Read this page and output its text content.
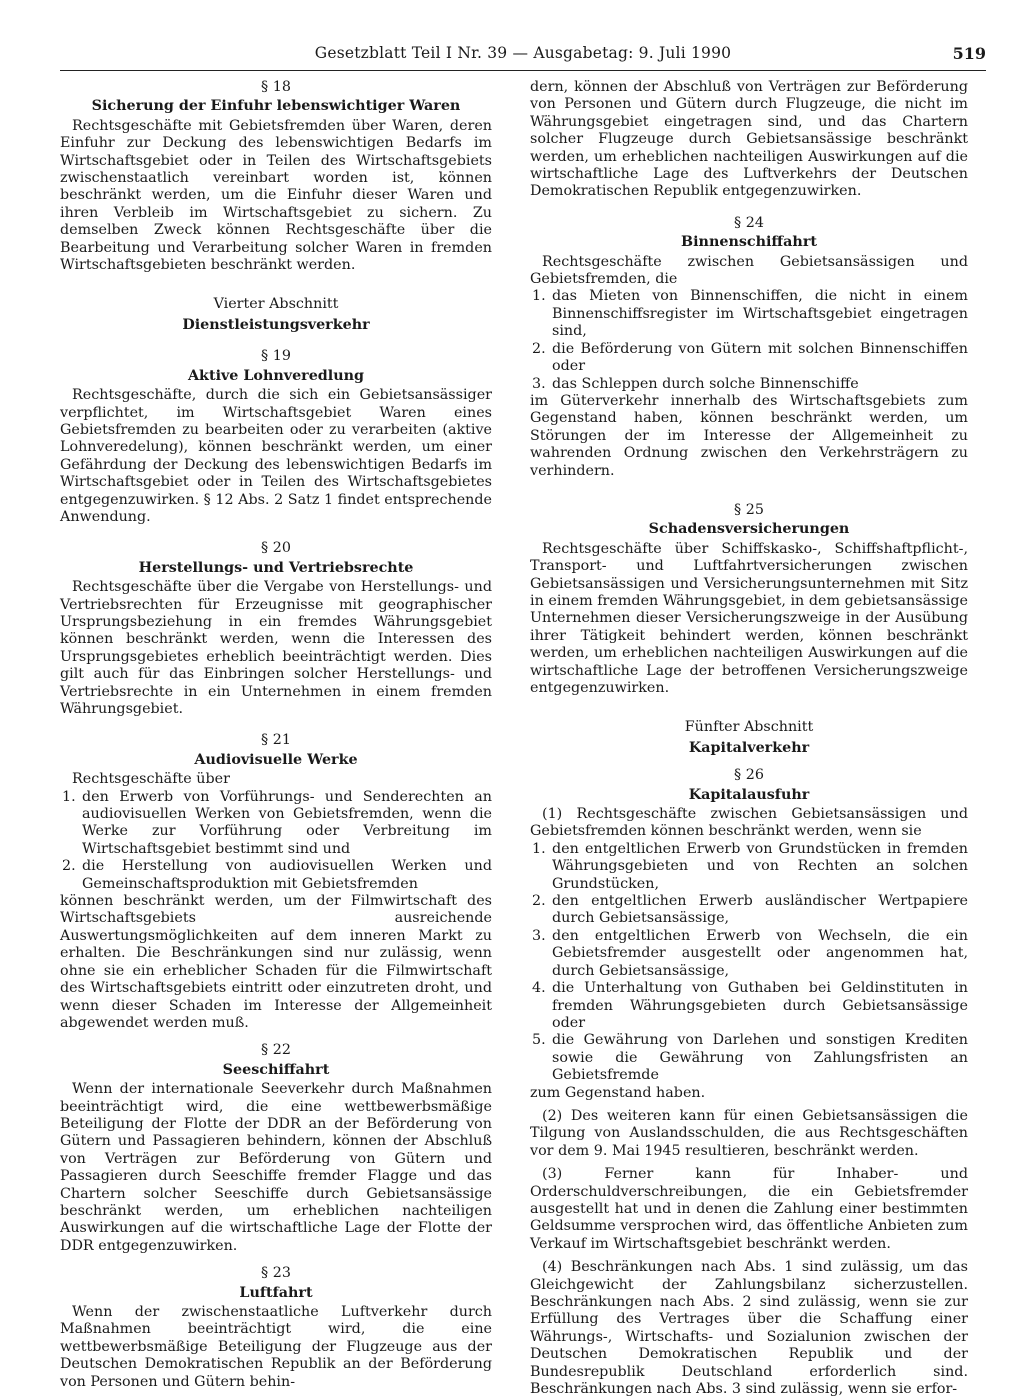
Gesetzblatt Teil I Nr. 39 — Ausgabetag: 9. Juli 1990	519

§ 18

Sicherung der Einfuhr lebenswichtiger Waren

Rechtsgeschäfte mit Gebietsfremden über Waren, deren Einfuhr zur Deckung des lebenswichtigen Bedarfs im Wirtschaftsgebiet oder in Teilen des Wirtschaftsgebiets zwischenstaatlich vereinbart worden ist, können beschränkt werden, um die Einfuhr dieser Waren und ihren Verbleib im Wirtschaftsgebiet zu sichern. Zu demselben Zweck können Rechtsgeschäfte über die Bearbeitung und Verarbeitung solcher Waren in fremden Wirtschaftsgebieten beschränkt werden.

Vierter Abschnitt

Dienstleistungsverkehr

§ 19

Aktive Lohnveredlung

Rechtsgeschäfte, durch die sich ein Gebietsansässiger verpflichtet, im Wirtschaftsgebiet Waren eines Gebietsfremden zu bearbeiten oder zu verarbeiten (aktive Lohnveredelung), können beschränkt werden, um einer Gefährdung der Deckung des lebenswichtigen Bedarfs im Wirtschaftsgebiet oder in Teilen des Wirtschaftsgebietes entgegenzuwirken. § 12 Abs. 2 Satz 1 findet entsprechende Anwendung.

§ 20

Herstellungs- und Vertriebsrechte

Rechtsgeschäfte über die Vergabe von Herstellungs- und Vertriebsrechten für Erzeugnisse mit geographischer Ursprungsbeziehung in ein fremdes Währungsgebiet können beschränkt werden, wenn die Interessen des Ursprungsgebietes erheblich beeinträchtigt werden. Dies gilt auch für das Einbringen solcher Herstellungs- und Vertriebsrechte in ein Unternehmen in einem fremden Währungsgebiet.

§ 21

Audiovisuelle Werke

Rechtsgeschäfte über

1. den Erwerb von Vorführungs- und Senderechten an audiovisuellen Werken von Gebietsfremden, wenn die Werke zur Vorführung oder Verbreitung im Wirtschaftsgebiet bestimmt sind und
2. die Herstellung von audiovisuellen Werken und Gemeinschaftsproduktion mit Gebietsfremden

können beschränkt werden, um der Filmwirtschaft des Wirtschaftsgebiets ausreichende Auswertungsmöglichkeiten auf dem inneren Markt zu erhalten. Die Beschränkungen sind nur zulässig, wenn ohne sie ein erheblicher Schaden für die Filmwirtschaft des Wirtschaftsgebiets eintritt oder einzutreten droht, und wenn dieser Schaden im Interesse der Allgemeinheit abgewendet werden muß.

§ 22

Seeschiffahrt

Wenn der internationale Seeverkehr durch Maßnahmen beeinträchtigt wird, die eine wettbewerbsmäßige Beteiligung der Flotte der DDR an der Beförderung von Gütern und Passagieren behindern, können der Abschluß von Verträgen zur Beförderung von Gütern und Passagieren durch Seeschiffe fremder Flagge und das Chartern solcher Seeschiffe durch Gebietsansässige beschränkt werden, um erheblichen nachteiligen Auswirkungen auf die wirtschaftliche Lage der Flotte der DDR entgegenzuwirken.

§ 23

Luftfahrt

Wenn der zwischenstaatliche Luftverkehr durch Maßnahmen beeinträchtigt wird, die eine wettbewerbsmäßige Beteiligung der Flugzeuge aus der Deutschen Demokratischen Republik an der Beförderung von Personen und Gütern behin-

dern, können der Abschluß von Verträgen zur Beförderung von Personen und Gütern durch Flugzeuge, die nicht im Währungsgebiet eingetragen sind, und das Chartern solcher Flugzeuge durch Gebietsansässige beschränkt werden, um erheblichen nachteiligen Auswirkungen auf die wirtschaftliche Lage des Luftverkehrs der Deutschen Demokratischen Republik entgegenzuwirken.

§ 24

Binnenschiffahrt

Rechtsgeschäfte zwischen Gebietsansässigen und Gebietsfremden, die

1. das Mieten von Binnenschiffen, die nicht in einem Binnenschiffsregister im Wirtschaftsgebiet eingetragen sind,
2. die Beförderung von Gütern mit solchen Binnenschiffen oder
3. das Schleppen durch solche Binnenschiffe

im Güterverkehr innerhalb des Wirtschaftsgebiets zum Gegenstand haben, können beschränkt werden, um Störungen der im Interesse der Allgemeinheit zu wahrenden Ordnung zwischen den Verkehrsträgern zu verhindern.

§ 25

Schadensversicherungen

Rechtsgeschäfte über Schiffskasko-, Schiffshaftpflicht-, Transport- und Luftfahrtversicherungen zwischen Gebietsansässigen und Versicherungsunternehmen mit Sitz in einem fremden Währungsgebiet, in dem gebietsansässige Unternehmen dieser Versicherungszweige in der Ausübung ihrer Tätigkeit behindert werden, können beschränkt werden, um erheblichen nachteiligen Auswirkungen auf die wirtschaftliche Lage der betroffenen Versicherungszweige entgegenzuwirken.

Fünfter Abschnitt

Kapitalverkehr

§ 26

Kapitalausfuhr

(1) Rechtsgeschäfte zwischen Gebietsansässigen und Gebietsfremden können beschränkt werden, wenn sie

1. den entgeltlichen Erwerb von Grundstücken in fremden Währungsgebieten und von Rechten an solchen Grundstücken,
2. den entgeltlichen Erwerb ausländischer Wertpapiere durch Gebietsansässige,
3. den entgeltlichen Erwerb von Wechseln, die ein Gebietsfremder ausgestellt oder angenommen hat, durch Gebietsansässige,
4. die Unterhaltung von Guthaben bei Geldinstituten in fremden Währungsgebieten durch Gebietsansässige oder
5. die Gewährung von Darlehen und sonstigen Krediten sowie die Gewährung von Zahlungsfristen an Gebietsfremde

zum Gegenstand haben.

(2) Des weiteren kann für einen Gebietsansässigen die Tilgung von Auslandsschulden, die aus Rechtsgeschäften vor dem 9. Mai 1945 resultieren, beschränkt werden.

(3) Ferner kann für Inhaber- und Orderschuldverschreibungen, die ein Gebietsfremder ausgestellt hat und in denen die Zahlung einer bestimmten Geldsumme versprochen wird, das öffentliche Anbieten zum Verkauf im Wirtschaftsgebiet beschränkt werden.

(4) Beschränkungen nach Abs. 1 sind zulässig, um das Gleichgewicht der Zahlungsbilanz sicherzustellen. Beschränkungen nach Abs. 2 sind zulässig, wenn sie zur Erfüllung des Vertrages über die Schaffung einer Währungs-, Wirtschafts- und Sozialunion zwischen der Deutschen Demokratischen Republik und der Bundesrepublik Deutschland erforderlich sind. Beschränkungen nach Abs. 3 sind zulässig, wenn sie erfor-
